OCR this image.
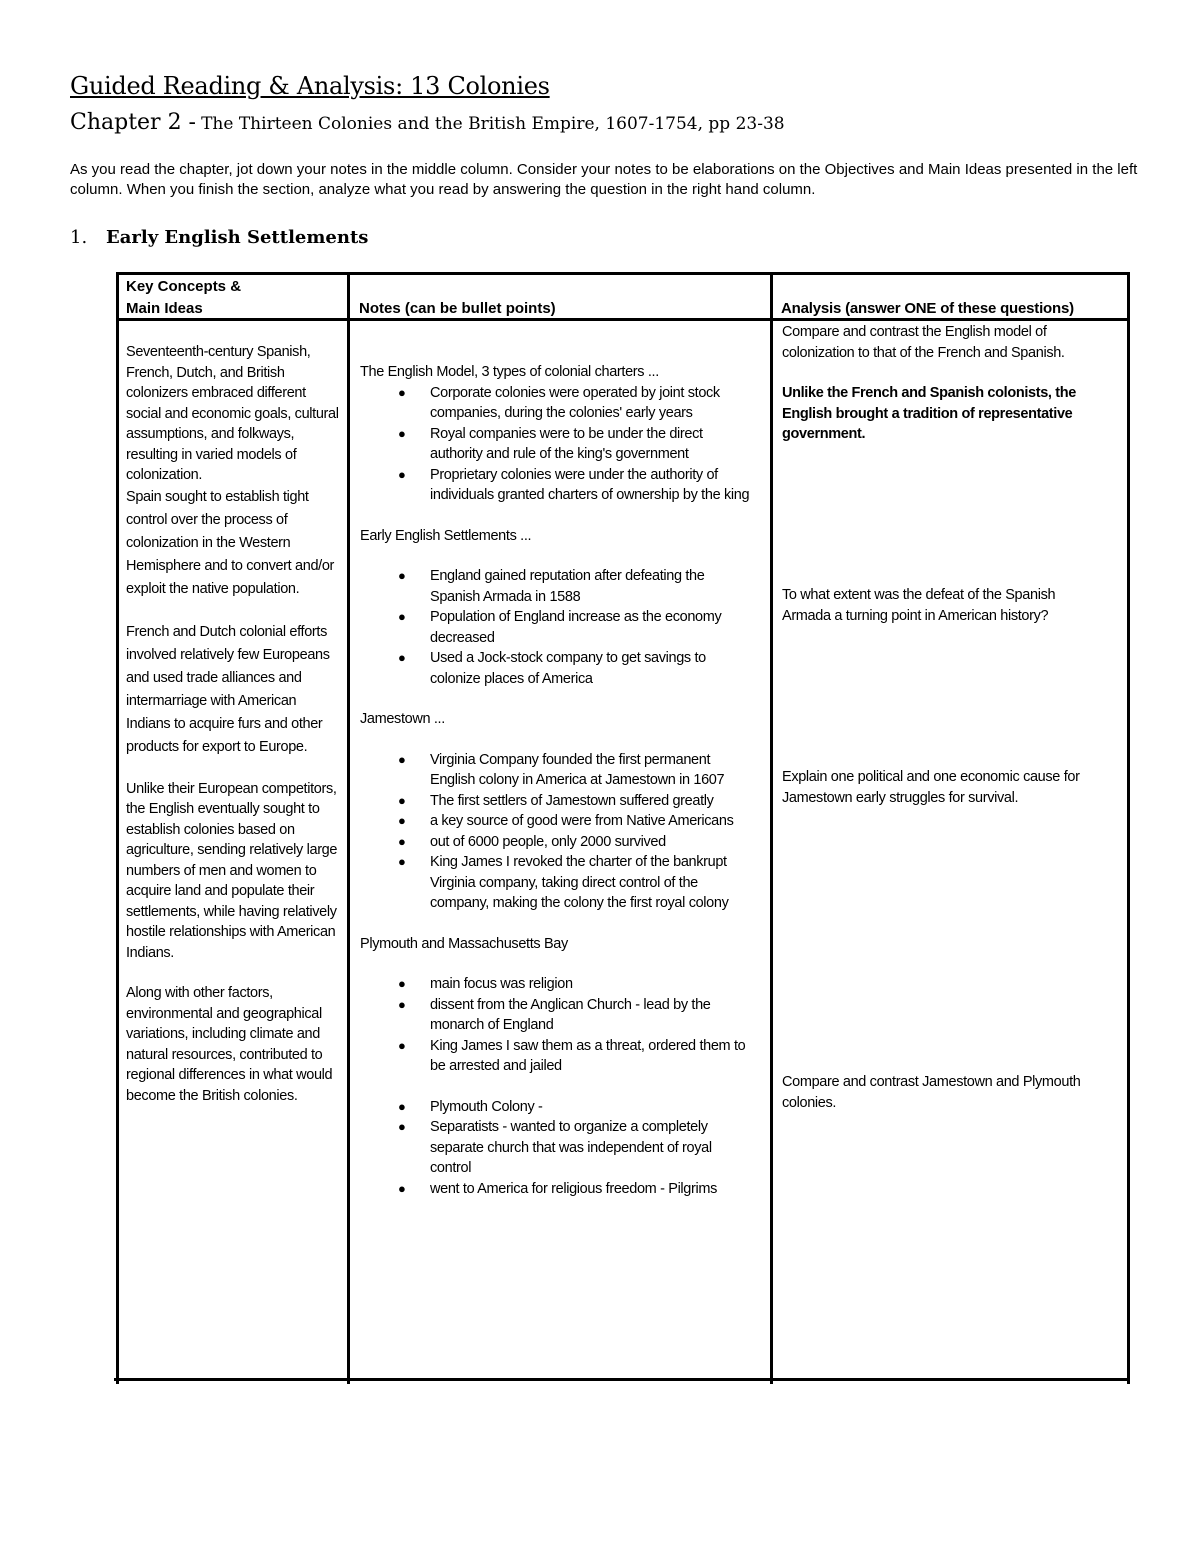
Guided Reading & Analysis: 13 Colonies
Chapter 2 - The Thirteen Colonies and the British Empire, 1607-1754, pp 23-38
As you read the chapter, jot down your notes in the middle column. Consider your notes to be elaborations on the Objectives and Main Ideas presented in the left column. When you finish the section, analyze what you read by answering the question in the right hand column.
1. Early English Settlements
Key Concepts &
Main Ideas	Notes (can be bullet points)	Analysis (answer ONE of these questions)

Seventeenth-century Spanish, French, Dutch, and British colonizers embraced different social and economic goals, cultural assumptions, and folkways, resulting in varied models of colonization.

Spain sought to establish tight control over the process of colonization in the Western Hemisphere and to convert and/or exploit the native population.

French and Dutch colonial efforts involved relatively few Europeans and used trade alliances and intermarriage with American Indians to acquire furs and other products for export to Europe.

Unlike their European competitors, the English eventually sought to establish colonies based on agriculture, sending relatively large numbers of men and women to acquire land and populate their settlements, while having relatively hostile relationships with American Indians.

Along with other factors, environmental and geographical variations, including climate and natural resources, contributed to regional differences in what would become the British colonies.

The English Model, 3 types of colonial charters ...

● Corporate colonies were operated by joint stock companies, during the colonies' early years
● Royal companies were to be under the direct authority and rule of the king's government
● Proprietary colonies were under the authority of individuals granted charters of ownership by the king

Early English Settlements ...

● England gained reputation after defeating the Spanish Armada in 1588
● Population of England increase as the economy decreased
● Used a Jock-stock company to get savings to colonize places of America

Jamestown ...

● Virginia Company founded the first permanent English colony in America at Jamestown in 1607
● The first settlers of Jamestown suffered greatly
● a key source of good were from Native Americans
● out of 6000 people, only 2000 survived
● King James I revoked the charter of the bankrupt Virginia company, taking direct control of the company, making the colony the first royal colony

Plymouth and Massachusetts Bay

● main focus was religion
● dissent from the Anglican Church - lead by the monarch of England
● King James I saw them as a threat, ordered them to be arrested and jailed
● Plymouth Colony -
● Separatists - wanted to organize a completely separate church that was independent of royal control
● went to America for religious freedom - Pilgrims

Compare and contrast the English model of colonization to that of the French and Spanish.

Unlike the French and Spanish colonists, the English brought a tradition of representative government.

To what extent was the defeat of the Spanish Armada a turning point in American history?
Explain one political and one economic cause for Jamestown early struggles for survival.
Compare and contrast Jamestown and Plymouth colonies.
